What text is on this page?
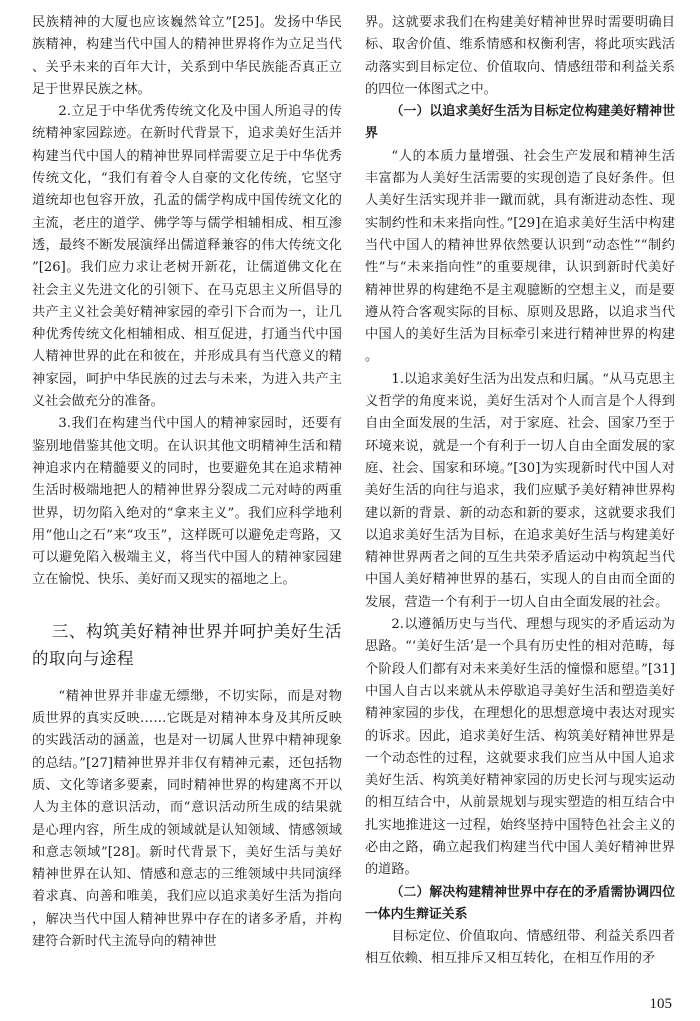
民族精神的大厦也应该巍然耸立”[25]。发扬中华民族精神，构建当代中国人的精神世界将作为立足当代、关乎未来的百年大计，关系到中华民族能否真正立足于世界民族之林。

2.立足于中华优秀传统文化及中国人所追寻的传统精神家园踪迹。在新时代背景下，追求美好生活并构建当代中国人的精神世界同样需要立足于中华优秀传统文化，“我们有着令人自豪的文化传统，它坚守道统却也包容开放，孔孟的儒学构成中国传统文化的主流，老庄的道学、佛学等与儒学相辅相成、相互渗透，最终不断发展演绎出儒道释兼容的伟大传统文化”[26]。我们应力求让老树开新花，让儒道佛文化在社会主义先进文化的引领下、在马克思主义所倡导的共产主义社会美好精神家园的牵引下合而为一，让几种优秀传统文化相辅相成、相互促进，打通当代中国人精神世界的此在和彼在，并形成具有当代意义的精神家园，呵护中华民族的过去与未来，为进入共产主义社会做充分的准备。

3.我们在构建当代中国人的精神家园时，还要有鉴别地借鉴其他文明。在认识其他文明精神生活和精神追求内在精髓要义的同时，也要避免其在追求精神生活时极端地把人的精神世界分裂成二元对峙的两重世界，切勿陷入绝对的“拿来主义”。我们应科学地利用“他山之石”来“攻玉”，这样既可以避免走弯路，又可以避免陷入极端主义，将当代中国人的精神家园建立在愉悦、快乐、美好而又现实的福地之上。

三、构筑美好精神世界并呵护美好生活的取向与途程

“精神世界并非虚无缥缈，不切实际，而是对物质世界的真实反映……它既是对精神本身及其所反映的实践活动的涵盖，也是对一切属人世界中精神现象的总结。”[27]精神世界并非仅有精神元素，还包括物质、文化等诸多要素，同时精神世界的构建离不开以人为主体的意识活动，而“意识活动所生成的结果就是心理内容，所生成的领域就是认知领域、情感领域和意志领域”[28]。新时代背景下，美好生活与美好精神世界在认知、情感和意志的三维领域中共同演绎着求真、向善和唯美，我们应以追求美好生活为指向，解决当代中国人精神世界中存在的诸多矛盾，并构建符合新时代主流导向的精神世

界。这就要求我们在构建美好精神世界时需要明确目标、取舍价值、维系情感和权衡利害，将此项实践活动落实到目标定位、价值取向、情感纽带和利益关系的四位一体图式之中。

（一）以追求美好生活为目标定位构建美好精神世界

“人的本质力量增强、社会生产发展和精神生活丰富都为人美好生活需要的实现创造了良好条件。但人美好生活实现并非一蹴而就，具有渐进动态性、现实制约性和未来指向性。”[29]在追求美好生活中构建当代中国人的精神世界依然要认识到“动态性”“制约性”与“未来指向性”的重要规律，认识到新时代美好精神世界的构建绝不是主观臆断的空想主义，而是要遵从符合客观实际的目标、原则及思路，以追求当代中国人的美好生活为目标牵引来进行精神世界的构建。

1.以追求美好生活为出发点和归属。“从马克思主义哲学的角度来说，美好生活对个人而言是个人得到自由全面发展的生活，对于家庭、社会、国家乃至于环境来说，就是一个有利于一切人自由全面发展的家庭、社会、国家和环境。”[30]为实现新时代中国人对美好生活的向往与追求，我们应赋予美好精神世界构建以新的背景、新的动态和新的要求，这就要求我们以追求美好生活为目标，在追求美好生活与构建美好精神世界两者之间的互生共荣矛盾运动中构筑起当代中国人美好精神世界的基石，实现人的自由而全面的发展，营造一个有利于一切人自由全面发展的社会。

2.以遵循历史与当代、理想与现实的矛盾运动为思路。“‘美好生活’是一个具有历史性的相对范畴，每个阶段人们都有对未来美好生活的憧憬和愿望。”[31]中国人自古以来就从未停歇追寻美好生活和塑造美好精神家园的步伐，在理想化的思想意境中表达对现实的诉求。因此，追求美好生活、构筑美好精神世界是一个动态性的过程，这就要求我们应当从中国人追求美好生活、构筑美好精神家园的历史长河与现实运动的相互结合中，从前景规划与现实塑造的相互结合中扎实地推进这一过程，始终坚持中国特色社会主义的必由之路，确立起我们构建当代中国人美好精神世界的道路。

（二）解决构建精神世界中存在的矛盾需协调四位一体内生辩证关系

目标定位、价值取向、情感纽带、利益关系四者相互依赖、相互排斥又相互转化，在相互作用的矛

105
